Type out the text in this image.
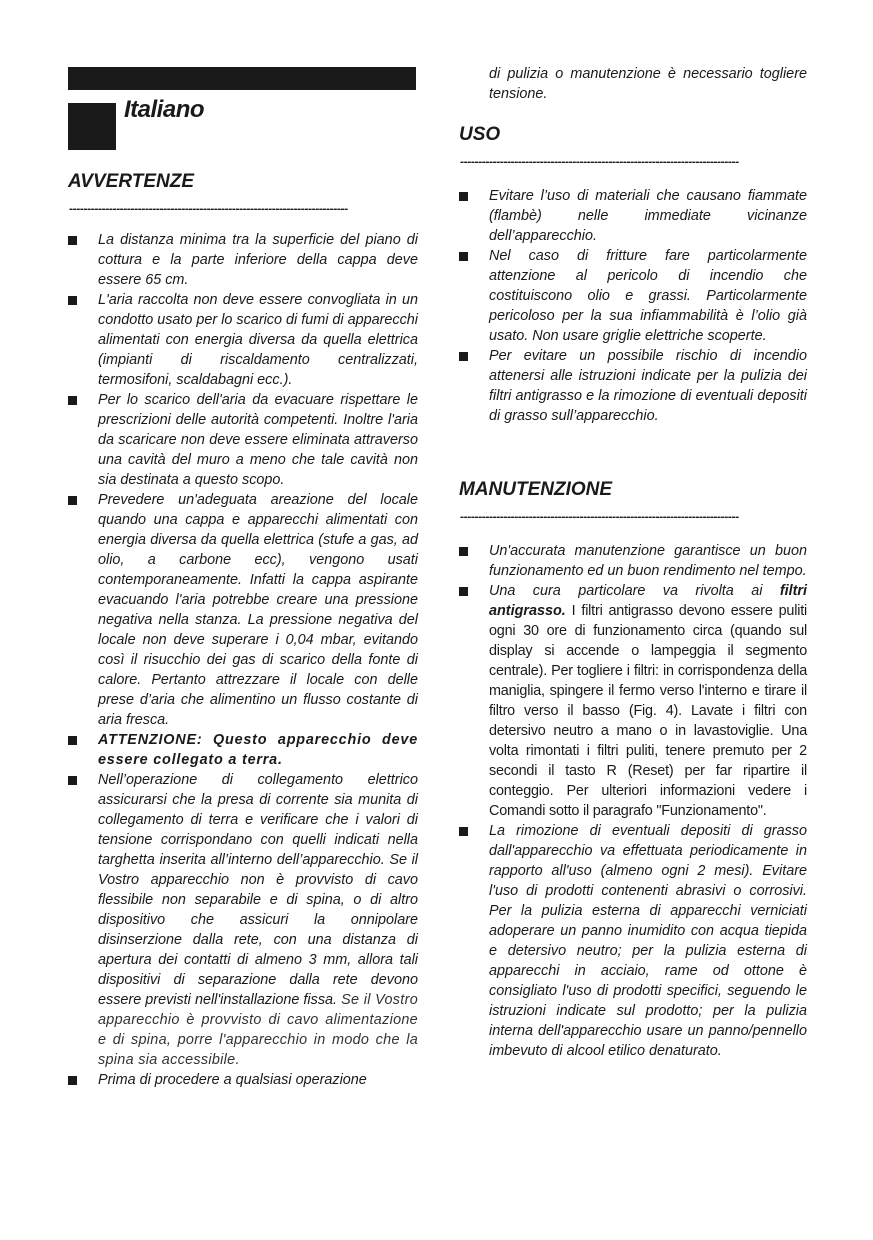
Italiano
AVVERTENZE
-----------------------------------------------------------------------------
La distanza minima tra la superficie del piano di cottura e la parte inferiore della cappa deve essere 65 cm.
L'aria raccolta non deve essere convogliata in un condotto usato per lo scarico di fumi di apparecchi alimentati con energia diversa da quella elettrica (impianti di riscaldamento centralizzati, termosifoni, scaldabagni ecc.).
Per lo scarico dell'aria da evacuare rispettare le prescrizioni delle autorità competenti. Inoltre l'aria da scaricare non deve essere eliminata attraverso una cavità del muro a meno che tale cavità non sia destinata a questo scopo.
Prevedere un'adeguata areazione del locale quando una cappa e apparecchi alimentati con energia diversa da quella elettrica (stufe a gas, ad olio, a carbone ecc), vengono usati contemporaneamente. Infatti la cappa aspirante evacuando l'aria potrebbe creare una pressione negativa nella stanza. La pressione negativa del locale non deve superare i 0,04 mbar, evitando così il risucchio dei gas di scarico della fonte di calore. Pertanto attrezzare il locale con delle prese d’aria che alimentino un flusso costante di aria fresca.
ATTENZIONE: Questo apparecchio deve essere collegato a terra.
Nell’operazione di collegamento elettrico assicurarsi che la presa di corrente sia munita di collegamento di terra e verificare che i valori di tensione corrispondano con quelli indicati nella targhetta inserita all’interno dell’apparecchio. Se il Vostro apparecchio non è provvisto di cavo flessibile non separabile e di spina, o di altro dispositivo che assicuri la onnipolare disinserzione dalla rete, con una distanza di apertura dei contatti di almeno 3 mm, allora tali dispositivi di separazione dalla rete devono essere previsti nell'installazione fissa. Se il Vostro apparecchio è provvisto di cavo alimentazione e di spina, porre l'apparecchio in modo che la spina sia accessibile.
Prima di procedere a qualsiasi operazione
di pulizia o manutenzione è necessario togliere tensione.
USO
-----------------------------------------------------------------------------
Evitare l’uso di materiali che causano fiammate (flambè) nelle immediate vicinanze dell’apparecchio.
Nel caso di fritture fare particolarmente attenzione al pericolo di incendio che costituiscono olio e grassi. Particolarmente pericoloso per la sua infiammabilità è l’olio già usato. Non usare griglie elettriche scoperte.
Per evitare un possibile rischio di incendio attenersi alle istruzioni indicate per la pulizia dei filtri antigrasso e la rimozione di eventuali depositi di grasso sull’apparecchio.
MANUTENZIONE
-----------------------------------------------------------------------------
Un'accurata manutenzione garantisce un buon funzionamento ed un buon rendimento nel tempo.
Una cura particolare va rivolta ai filtri antigrasso. I filtri antigrasso devono essere puliti ogni 30 ore di funzionamento circa (quando sul display si accende o lampeggia il segmento centrale). Per togliere i filtri: in corrispondenza della maniglia, spingere il fermo verso l'interno e tirare il filtro verso il basso (Fig. 4). Lavate i filtri con detersivo neutro a mano o in lavastoviglie. Una volta rimontati i filtri puliti, tenere premuto per 2 secondi il tasto R (Reset) per far ripartire il conteggio. Per ulteriori informazioni vedere i Comandi sotto il paragrafo "Funzionamento".
La rimozione di eventuali depositi di grasso dall'apparecchio va effettuata periodicamente in rapporto all'uso (almeno ogni 2 mesi). Evitare l'uso di prodotti contenenti abrasivi o corrosivi. Per la pulizia esterna di apparecchi verniciati adoperare un panno inumidito con acqua tiepida e detersivo neutro; per la pulizia esterna di apparecchi in acciaio, rame od ottone è consigliato l'uso di prodotti specifici, seguendo le istruzioni indicate sul prodotto; per la pulizia interna dell'apparecchio usare un panno/pennello imbevuto di alcool etilico denaturato.
